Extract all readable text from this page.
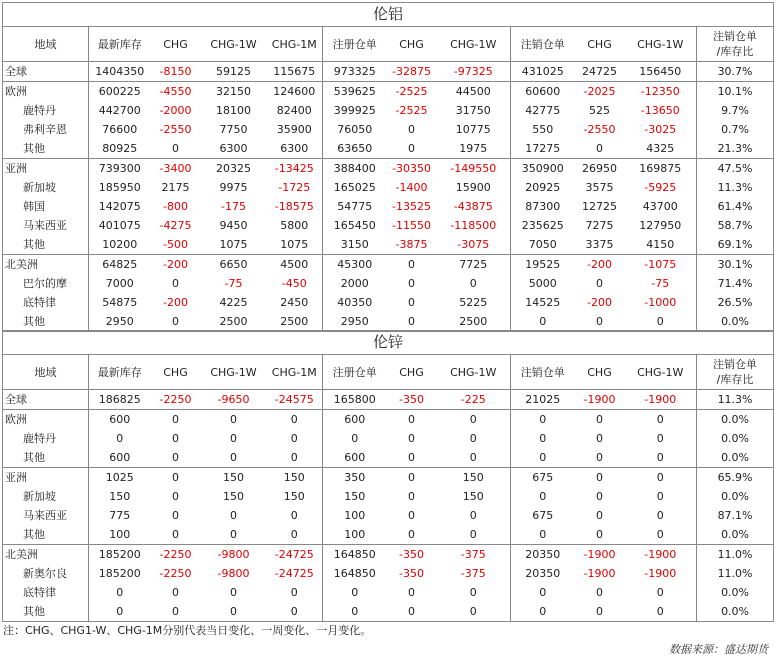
伦铝											
地域	最新库存	CHG	CHG-1W	CHG-1M	注册仓单	CHG	CHG-1W	注销仓单	CHG	CHG-1W	注销仓单
/库存比

全球	1404350	-8150	59125	115675	973325	-32875	-97325	431025	24725	156450	30.7%
欧洲	600225	-4550	32150	124600	539625	-2525	44500	60600	-2025	-12350	10.1%
鹿特丹	442700	-2000	18100	82400	399925	-2525	31750	42775	525	-13650	9.7%
弗利辛恩	76600	-2550	7750	35900	76050	0	10775	550	-2550	-3025	0.7%
其他	80925	0	6300	6300	63650	0	1975	17275	0	4325	21.3%
亚洲	739300	-3400	20325	-13425	388400	-30350	-149550	350900	26950	169875	47.5%
新加坡	185950	2175	9975	-1725	165025	-1400	15900	20925	3575	-5925	11.3%
韩国	142075	-800	-175	-18575	54775	-13525	-43875	87300	12725	43700	61.4%
马来西亚	401075	-4275	9450	5800	165450	-11550	-118500	235625	7275	127950	58.7%
其他	10200	-500	1075	1075	3150	-3875	-3075	7050	3375	4150	69.1%
北美洲	64825	-200	6650	4500	45300	0	7725	19525	-200	-1075	30.1%
巴尔的摩	7000	0	-75	-450	2000	0	0	5000	0	-75	71.4%
底特律	54875	-200	4225	2450	40350	0	5225	14525	-200	-1000	26.5%
其他	2950	0	2500	2500	2950	0	2500	0	0	0	0.0%
伦锌											
地域	最新库存	CHG	CHG-1W	CHG-1M	注册仓单	CHG	CHG-1W	注销仓单	CHG	CHG-1W	注销仓单
/库存比

全球	186825	-2250	-9650	-24575	165800	-350	-225	21025	-1900	-1900	11.3%
欧洲	600	0	0	0	600	0	0	0	0	0	0.0%
鹿特丹	0	0	0	0	0	0	0	0	0	0	0.0%
其他	600	0	0	0	600	0	0	0	0	0	0.0%
亚洲	1025	0	150	150	350	0	150	675	0	0	65.9%
新加坡	150	0	150	150	150	0	150	0	0	0	0.0%
马来西亚	775	0	0	0	100	0	0	675	0	0	87.1%
其他	100	0	0	0	100	0	0	0	0	0	0.0%
北美洲	185200	-2250	-9800	-24725	164850	-350	-375	20350	-1900	-1900	11.0%
新奥尔良	185200	-2250	-9800	-24725	164850	-350	-375	20350	-1900	-1900	11.0%
底特律	0	0	0	0	0	0	0	0	0	0	0.0%
其他	0	0	0	0	0	0	0	0	0	0	0.0%
注：CHG、CHG1-W、CHG-1M分别代表当日变化、一周变化、一月变化。
数据来源：盛达期货
